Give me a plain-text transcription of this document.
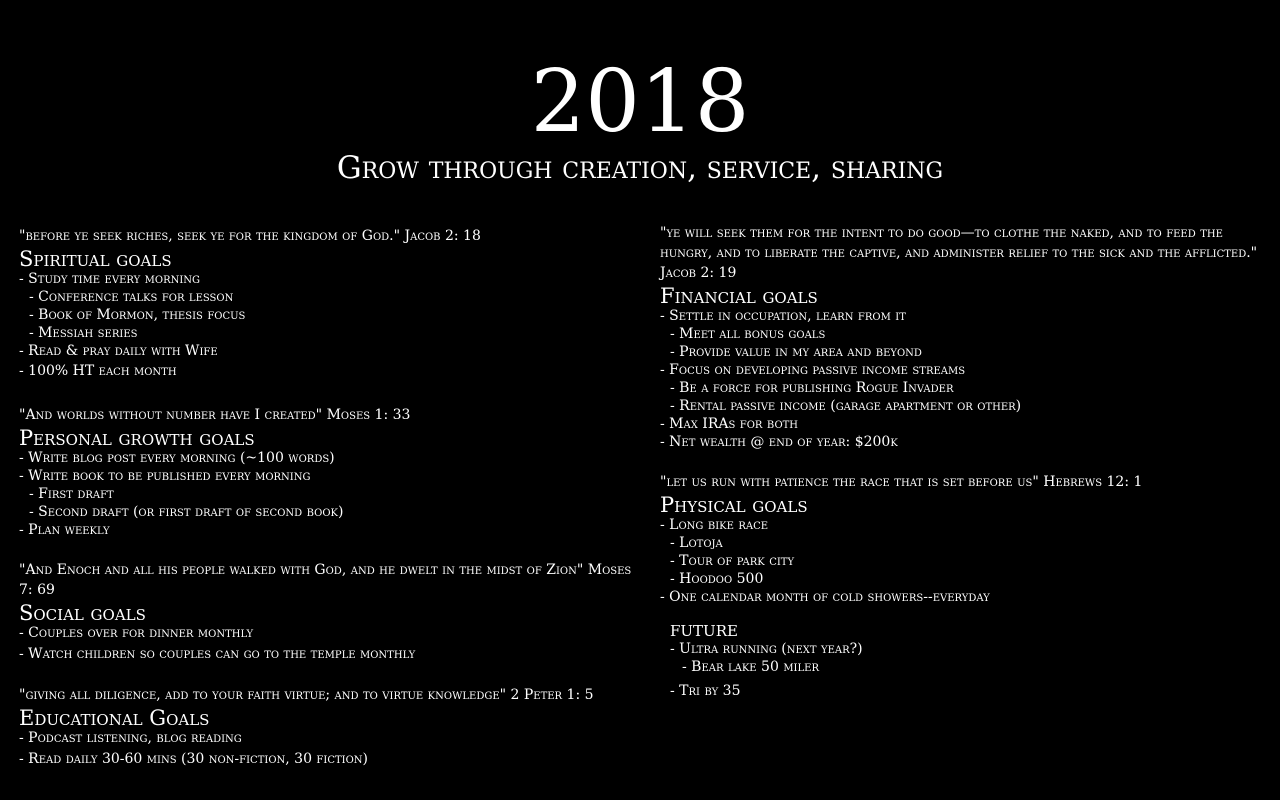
2018
Grow through creation, service, sharing

"before ye seek riches, seek ye for the kingdom of God." Jacob 2: 18

Spiritual goals
- Study time every morning
- Conference talks for lesson
- Book of Mormon, thesis focus
- Messiah series
- Read & pray daily with Wife
- 100% HT each month

"And worlds without number have I created" Moses 1: 33

Personal growth goals
- Write blog post every morning (~100 words)
- Write book to be published every morning
- First draft
- Second draft (or first draft of second book)
- Plan weekly

"And Enoch and all his people walked with God, and he dwelt in the midst of Zion" Moses 7: 69

Social goals
- Couples over for dinner monthly
- Watch children so couples can go to the temple monthly

"giving all diligence, add to your faith virtue; and to virtue knowledge" 2 Peter 1: 5

Educational Goals
- Podcast listening, blog reading
- Read daily 30-60 mins (30 non-fiction, 30 fiction)

"ye will seek them for the intent to do good—to clothe the naked, and to feed the hungry, and to liberate the captive, and administer relief to the sick and the afflicted." Jacob 2: 19

Financial goals
- Settle in occupation, learn from it
- Meet all bonus goals
- Provide value in my area and beyond
- Focus on developing passive income streams
- Be a force for publishing Rogue Invader
- Rental passive income (garage apartment or other)
- Max IRAs for both
- Net wealth @ end of year: $200k

"let us run with patience the race that is set before us" Hebrews 12: 1

Physical goals
- Long bike race
- Lotoja
- Tour of park city
- Hoodoo 500
- One calendar month of cold showers--everyday
FUTURE
- Ultra running (next year?)
- Bear lake 50 miler
- Tri by 35
